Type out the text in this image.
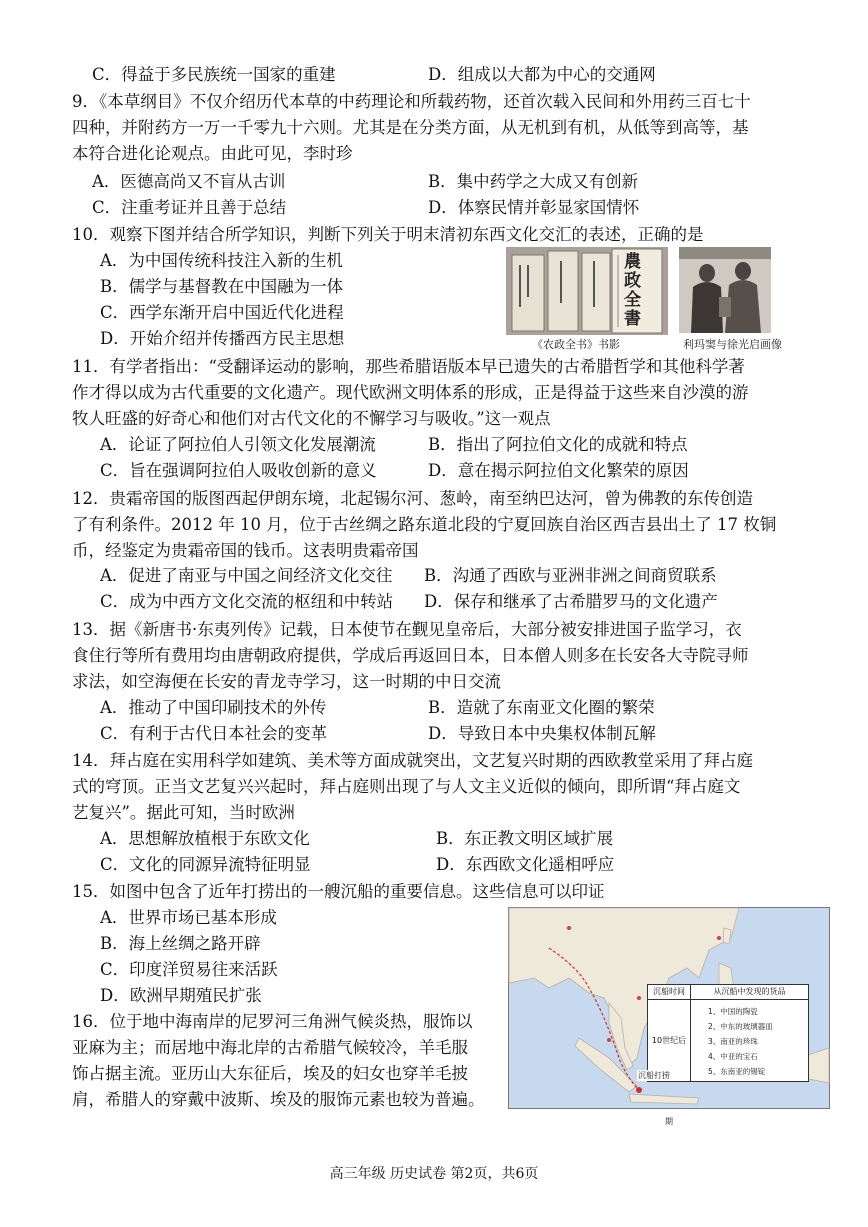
C．得益于多民族统一国家的重建	D．组成以大都为中心的交通网
9．《本草纲目》不仅介绍历代本草的中药理论和所载药物，还首次载入民间和外用药三百七十
四种，并附药方一万一千零九十六则。尤其是在分类方面，从无机到有机，从低等到高等，基
本符合进化论观点。由此可见，李时珍
A．医德高尚又不盲从古训	B．集中药学之大成又有创新
C．注重考证并且善于总结	D．体察民情并彰显家国情怀
10．观察下图并结合所学知识，判断下列关于明末清初东西文化交汇的表述，正确的是
A．为中国传统科技注入新的生机
B．儒学与基督教在中国融为一体
C．西学东渐开启中国近代化进程
D．开始介绍并传播西方民主思想
農政全書
《农政全书》书影	利玛窦与徐光启画像
11．有学者指出：“受翻译运动的影响，那些希腊语版本早已遗失的古希腊哲学和其他科学著
作才得以成为古代重要的文化遗产。现代欧洲文明体系的形成，正是得益于这些来自沙漠的游
牧人旺盛的好奇心和他们对古代文化的不懈学习与吸收。”这一观点
A．论证了阿拉伯人引领文化发展潮流	B．指出了阿拉伯文化的成就和特点
C．旨在强调阿拉伯人吸收创新的意义	D．意在揭示阿拉伯文化繁荣的原因
12．贵霜帝国的版图西起伊朗东境，北起锡尔河、葱岭，南至纳巴达河，曾为佛教的东传创造
了有利条件。2012 年 10 月，位于古丝绸之路东道北段的宁夏回族自治区西吉县出土了 17 枚铜
币，经鉴定为贵霜帝国的钱币。这表明贵霜帝国
A．促进了南亚与中国之间经济文化交往 B．沟通了西欧与亚洲非洲之间商贸联系
C．成为中西方文化交流的枢纽和中转站 D．保存和继承了古希腊罗马的文化遗产
13．据《新唐书·东夷列传》记载，日本使节在觐见皇帝后，大部分被安排进国子监学习，衣
食住行等所有费用均由唐朝政府提供，学成后再返回日本，日本僧人则多在长安各大寺院寻师
求法，如空海便在长安的青龙寺学习，这一时期的中日交流
A．推动了中国印刷技术的外传	B．造就了东南亚文化圈的繁荣
C．有利于古代日本社会的变革	D．导致日本中央集权体制瓦解
14．拜占庭在实用科学如建筑、美术等方面成就突出，文艺复兴时期的西欧教堂采用了拜占庭
式的穹顶。正当文艺复兴兴起时，拜占庭则出现了与人文主义近似的倾向，即所谓“拜占庭文
艺复兴”。据此可知，当时欧洲
A．思想解放植根于东欧文化	B．东正教文明区域扩展
C．文化的同源异流特征明显	D．东西欧文化遥相呼应
15．如图中包含了近年打捞出的一艘沉船的重要信息。这些信息可以印证
A．世界市场已基本形成
B．海上丝绸之路开辟
C．印度洋贸易往来活跃
D．欧洲早期殖民扩张	沉船时间	从沉船中发现的货品
10世纪后期
1、中国的陶瓷
2、中东的玻璃器皿
3、南亚的珍珠
4、中亚的宝石
5、东南亚的锡锭
沉船打捞
16．位于地中海南岸的尼罗河三角洲气候炎热，服饰以
亚麻为主；而居地中海北岸的古希腊气候较冷，羊毛服
饰占据主流。亚历山大东征后，埃及的妇女也穿羊毛披
肩，希腊人的穿戴中波斯、埃及的服饰元素也较为普遍。
高三年级 历史试卷 第2页，共6页
